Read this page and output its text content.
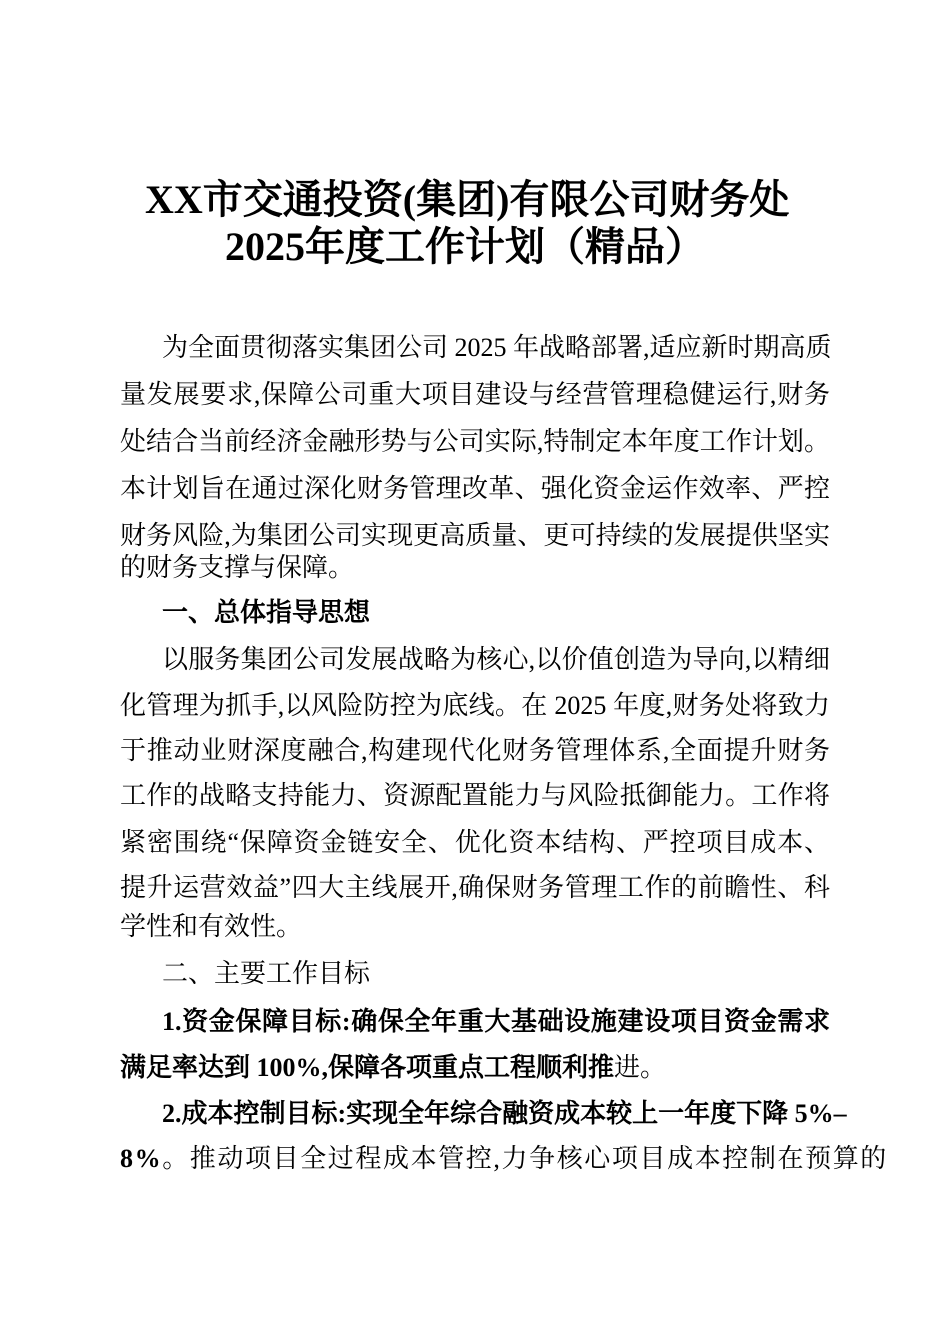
XX市交通投资(集团)有限公司财务处
2025年度工作计划（精品）
为全面贯彻落实集团公司 2025 年战略部署,适应新时期高质
量发展要求,保障公司重大项目建设与经营管理稳健运行,财务
处结合当前经济金融形势与公司实际,特制定本年度工作计划。
本计划旨在通过深化财务管理改革、强化资金运作效率、严控
财务风险,为集团公司实现更高质量、更可持续的发展提供坚实
的财务支撑与保障。
一、总体指导思想
以服务集团公司发展战略为核心,以价值创造为导向,以精细
化管理为抓手,以风险防控为底线。在 2025 年度,财务处将致力
于推动业财深度融合,构建现代化财务管理体系,全面提升财务
工作的战略支持能力、资源配置能力与风险抵御能力。工作将
紧密围绕“保障资金链安全、优化资本结构、严控项目成本、
提升运营效益”四大主线展开,确保财务管理工作的前瞻性、科
学性和有效性。
二、主要工作目标
1.资金保障目标:确保全年重大基础设施建设项目资金需求
满足率达到 100%,保障各项重点工程顺利推进。
2.成本控制目标:实现全年综合融资成本较上一年度下降 5%–
8%。推动项目全过程成本管控,力争核心项目成本控制在预算的
